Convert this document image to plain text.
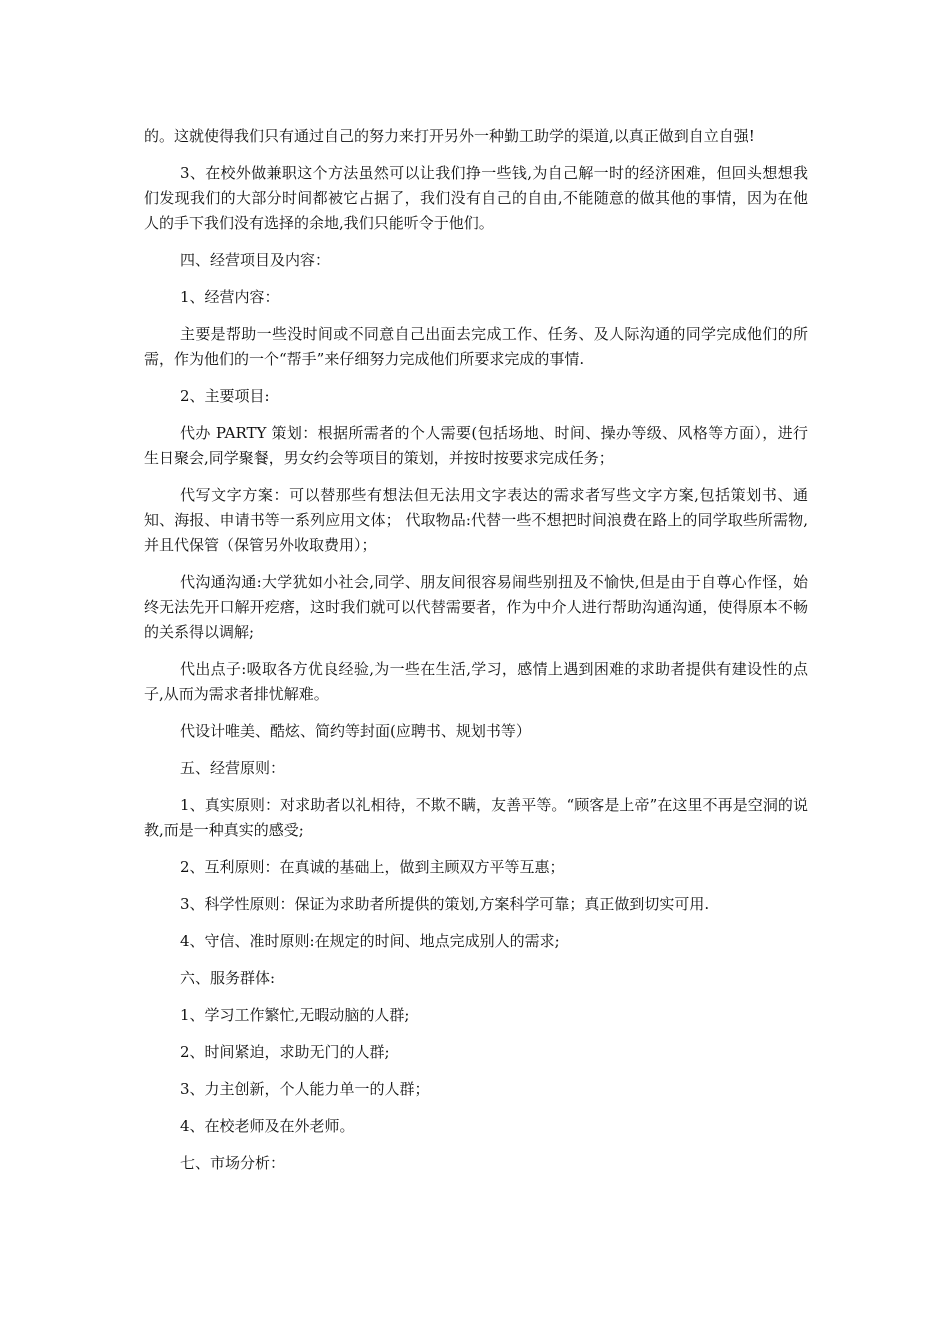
的。这就使得我们只有通过自己的努力来打开另外一种勤工助学的渠道,以真正做到自立自强!

3、在校外做兼职这个方法虽然可以让我们挣一些钱,为自己解一时的经济困难，但回头想想我们发现我们的大部分时间都被它占据了，我们没有自己的自由,不能随意的做其他的事情，因为在他人的手下我们没有选择的余地,我们只能听令于他们。

四、经营项目及内容：

1、经营内容：

主要是帮助一些没时间或不同意自己出面去完成工作、任务、及人际沟通的同学完成他们的所需，作为他们的一个“帮手”来仔细努力完成他们所要求完成的事情.

2、主要项目:

代办 PARTY 策划：根据所需者的个人需要(包括场地、时间、操办等级、风格等方面），进行生日聚会,同学聚餐，男女约会等项目的策划，并按时按要求完成任务；

代写文字方案：可以替那些有想法但无法用文字表达的需求者写些文字方案,包括策划书、通知、海报、申请书等一系列应用文体； 代取物品:代替一些不想把时间浪费在路上的同学取些所需物,并且代保管（保管另外收取费用）；

代沟通沟通:大学犹如小社会,同学、朋友间很容易闹些别扭及不愉快,但是由于自尊心作怪，始终无法先开口解开疙瘩，这时我们就可以代替需要者，作为中介人进行帮助沟通沟通，使得原本不畅的关系得以调解;

代出点子:吸取各方优良经验,为一些在生活,学习，感情上遇到困难的求助者提供有建设性的点子,从而为需求者排忧解难。

代设计唯美、酷炫、简约等封面(应聘书、规划书等）

五、经营原则：

1、真实原则：对求助者以礼相待，不欺不瞒，友善平等。“顾客是上帝”在这里不再是空洞的说教,而是一种真实的感受;

2、互利原则：在真诚的基础上，做到主顾双方平等互惠；

3、科学性原则：保证为求助者所提供的策划,方案科学可靠；真正做到切实可用.

4、守信、准时原则:在规定的时间、地点完成别人的需求;

六、服务群体:

1、学习工作繁忙,无暇动脑的人群;

2、时间紧迫，求助无门的人群;

3、力主创新，个人能力单一的人群；

4、在校老师及在外老师。

七、市场分析：
